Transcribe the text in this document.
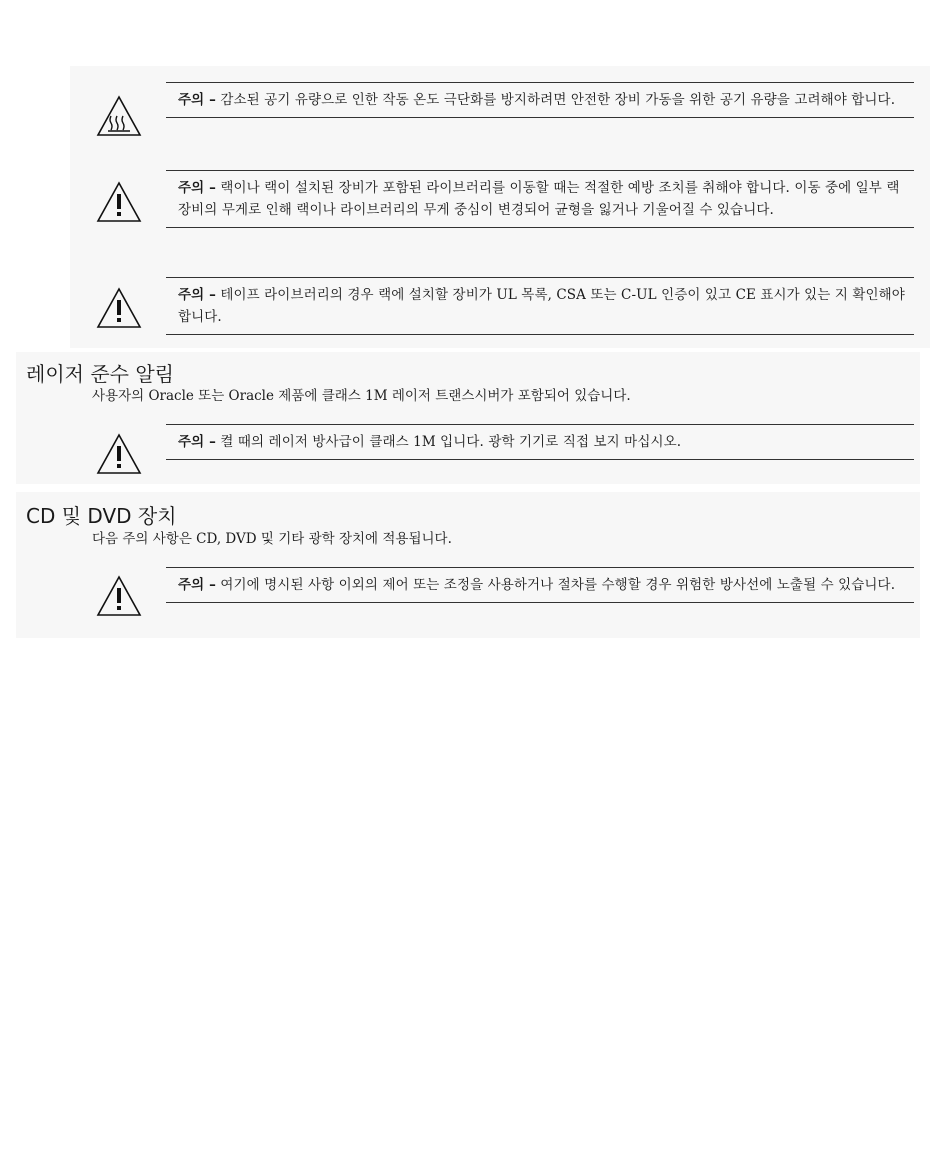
주의 – 감소된 공기 유량으로 인한 작동 온도 극단화를 방지하려면 안전한 장비 가동을 위한 공기 유량을 고려해야 합니다.
주의 – 랙이나 랙이 설치된 장비가 포함된 라이브러리를 이동할 때는 적절한 예방 조치를 취해야 합니다. 이동 중에 일부 랙 장비의 무게로 인해 랙이나 라이브러리의 무게 중심이 변경되어 균형을 잃거나 기울어질 수 있습니다.
주의 – 테이프 라이브러리의 경우 랙에 설치할 장비가 UL 목록, CSA 또는 C-UL 인증이 있고 CE 표시가 있는 지 확인해야 합니다.
레이저 준수 알림
사용자의 Oracle 또는 Oracle 제품에 클래스 1M 레이저 트랜스시버가 포함되어 있습니다.
주의 – 켤 때의 레이저 방사급이 클래스 1M 입니다. 광학 기기로 직접 보지 마십시오.
CD 및 DVD 장치
다음 주의 사항은 CD, DVD 및 기타 광학 장치에 적용됩니다.
주의 – 여기에 명시된 사항 이외의 제어 또는 조정을 사용하거나 절차를 수행할 경우 위험한 방사선에 노출될 수 있습니다.
